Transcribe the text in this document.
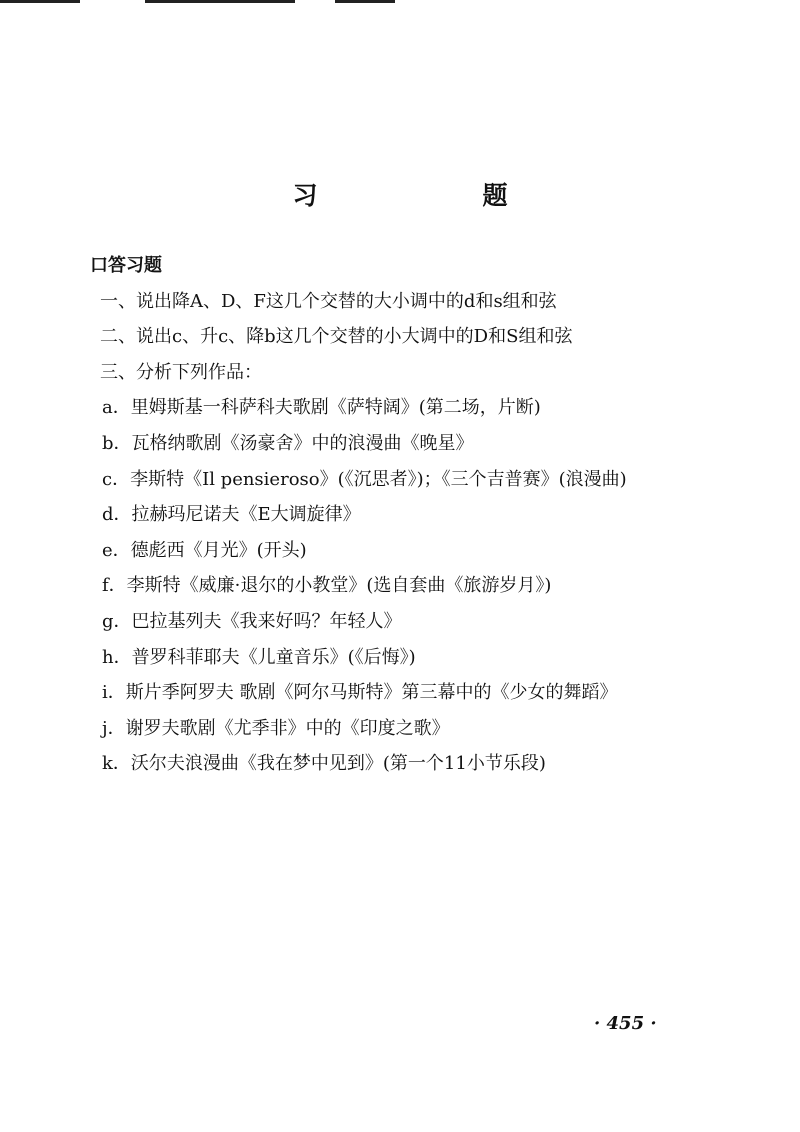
习　题
口答习题
一、说出降A、D、F这几个交替的大小调中的d和s组和弦
二、说出c、升c、降b这几个交替的小大调中的D和S组和弦
三、分析下列作品：
a．里姆斯基一科萨科夫歌剧《萨特阔》(第二场，片断)
b．瓦格纳歌剧《汤豪舍》中的浪漫曲《晚星》
c．李斯特《Il pensieroso》(《沉思者》)；《三个吉普赛》(浪漫曲)
d．拉赫玛尼诺夫《E大调旋律》
e．德彪西《月光》(开头)
f．李斯特《威廉·退尔的小教堂》(选自套曲《旅游岁月》)
g．巴拉基列夫《我来好吗？年轻人》
h．普罗科菲耶夫《儿童音乐》(《后悔》)
i．斯片季阿罗夫 歌剧《阿尔马斯特》第三幕中的《少女的舞蹈》
j．谢罗夫歌剧《尤季非》中的《印度之歌》
k．沃尔夫浪漫曲《我在梦中见到》(第一个11小节乐段)
· 455 ·
